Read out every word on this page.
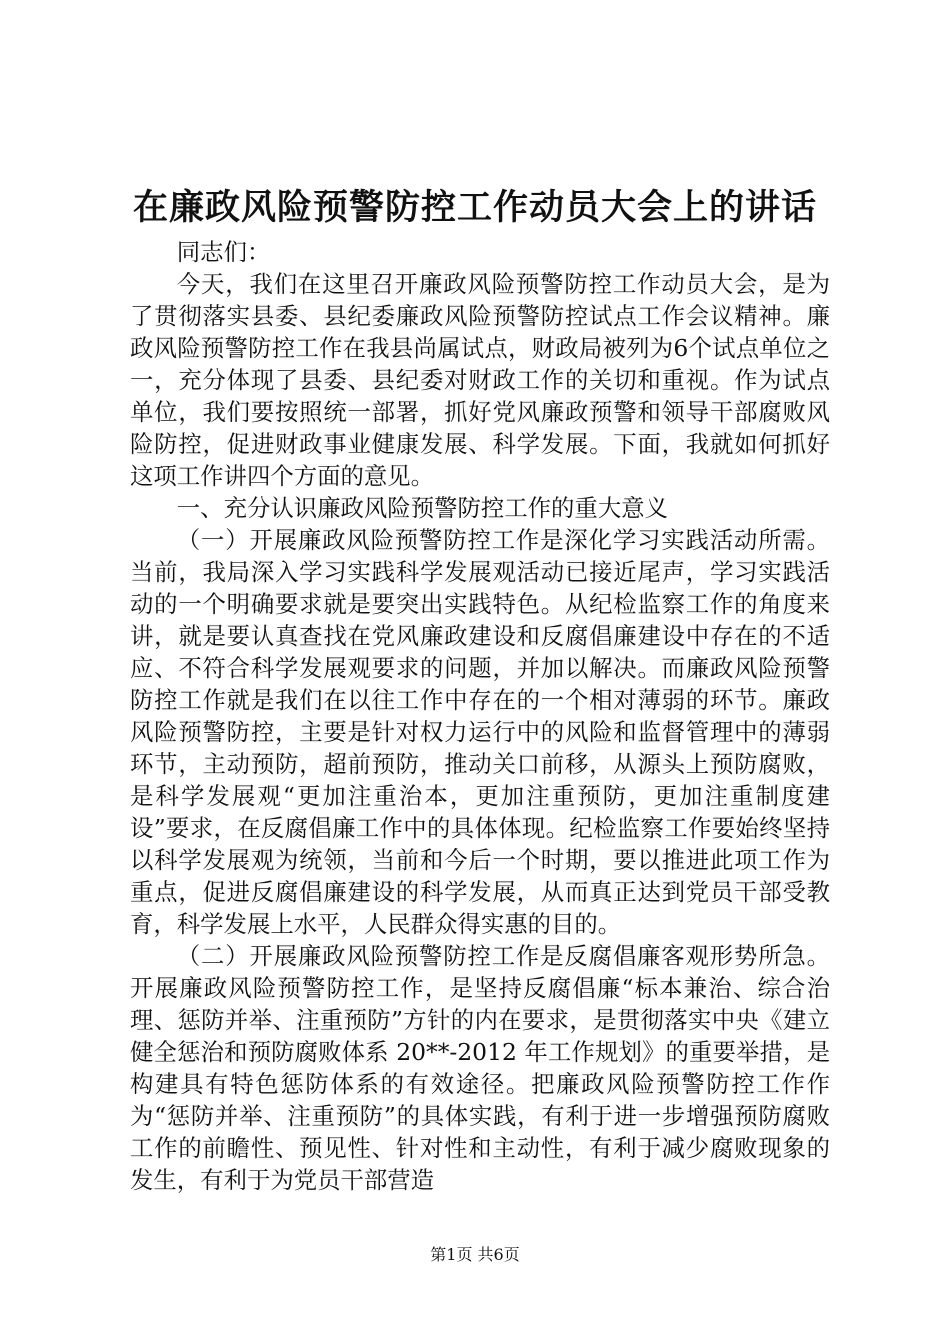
在廉政风险预警防控工作动员大会上的讲话

同志们：

今天，我们在这里召开廉政风险预警防控工作动员大会，是为了贯彻落实县委、县纪委廉政风险预警防控试点工作会议精神。廉政风险预警防控工作在我县尚属试点，财政局被列为6个试点单位之一，充分体现了县委、县纪委对财政工作的关切和重视。作为试点单位，我们要按照统一部署，抓好党风廉政预警和领导干部腐败风险防控，促进财政事业健康发展、科学发展。下面，我就如何抓好这项工作讲四个方面的意见。

一、充分认识廉政风险预警防控工作的重大意义

（一）开展廉政风险预警防控工作是深化学习实践活动所需。当前，我局深入学习实践科学发展观活动已接近尾声，学习实践活动的一个明确要求就是要突出实践特色。从纪检监察工作的角度来讲，就是要认真查找在党风廉政建设和反腐倡廉建设中存在的不适应、不符合科学发展观要求的问题，并加以解决。而廉政风险预警防控工作就是我们在以往工作中存在的一个相对薄弱的环节。廉政风险预警防控，主要是针对权力运行中的风险和监督管理中的薄弱环节，主动预防，超前预防，推动关口前移，从源头上预防腐败，是科学发展观“更加注重治本，更加注重预防，更加注重制度建设”要求，在反腐倡廉工作中的具体体现。纪检监察工作要始终坚持以科学发展观为统领，当前和今后一个时期，要以推进此项工作为重点，促进反腐倡廉建设的科学发展，从而真正达到党员干部受教育，科学发展上水平，人民群众得实惠的目的。

（二）开展廉政风险预警防控工作是反腐倡廉客观形势所急。开展廉政风险预警防控工作，是坚持反腐倡廉“标本兼治、综合治理、惩防并举、注重预防”方针的内在要求，是贯彻落实中央《建立健全惩治和预防腐败体系 20**-2012 年工作规划》的重要举措，是构建具有特色惩防体系的有效途径。把廉政风险预警防控工作作为“惩防并举、注重预防”的具体实践，有利于进一步增强预防腐败工作的前瞻性、预见性、针对性和主动性，有利于减少腐败现象的发生，有利于为党员干部营造

第1页 共6页
